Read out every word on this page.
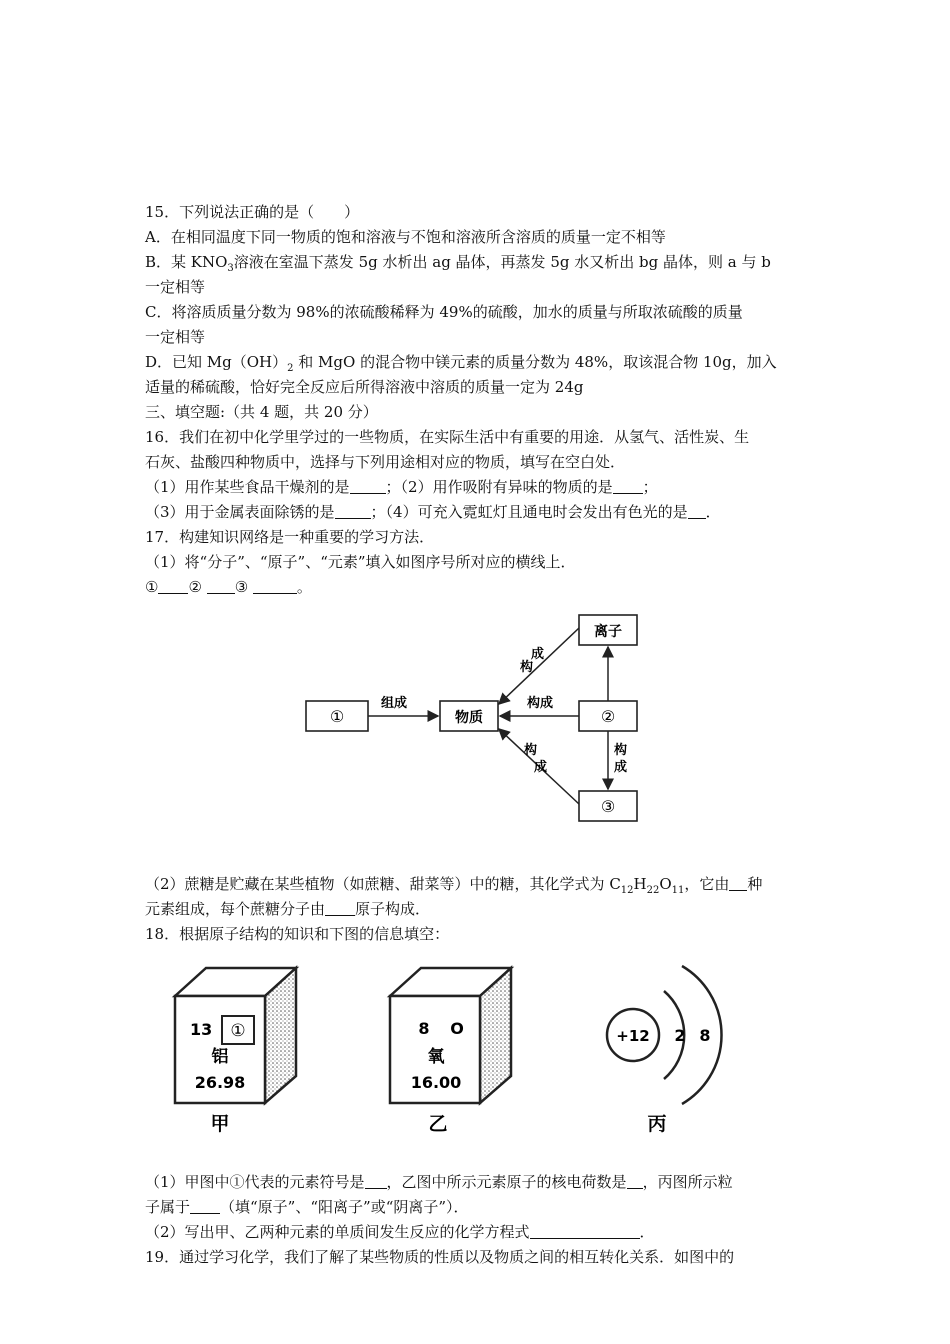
15．下列说法正确的是（　　）
A．在相同温度下同一物质的饱和溶液与不饱和溶液所含溶质的质量一定不相等
B．某 $KNO_3$溶液在室温下蒸发 5g 水析出 ag 晶体，再蒸发 5g 水又析出 bg 晶体，则 a 与 b
一定相等
C．将溶质质量分数为 98%的浓硫酸稀释为 49%的硫酸，加水的质量与所取浓硫酸的质量
一定相等
D．已知 $Mg(OH)_2$ 和 MgO 的混合物中镁元素的质量分数为 48%，取该混合物 10g，加入
适量的稀硫酸，恰好完全反应后所得溶液中溶质的质量一定为 24g
三、填空题:（共 4 题，共 20 分）
16．我们在初中化学里学过的一些物质，在实际生活中有重要的用途．从氢气、活性炭、生
石灰、盐酸四种物质中，选择与下列用途相对应的物质，填写在空白处．
（1）用作某些食品干燥剂的是 ；（2）用作吸附有异味的物质的是 ；
（3）用于金属表面除锈的是 ；（4）可充入霓虹灯且通电时会发出有色光的是 ．
17．构建知识网络是一种重要的学习方法．
（1）将“分子”、“原子”、“元素”填入如图序号所对应的横线上．
① ② ③	。
①	物质	②
离子
③
组成	构成
构
成
构
成
构
成
（2）蔗糖是贮藏在某些植物（如蔗糖、甜菜等）中的糖，其化学式为 $C_{12}H_{22}O_{11}$，它由 种
元素组成，每个蔗糖分子由 原子构成．
18．根据原子结构的知识和下图的信息填空：
13 ①
铝
26.98
甲
8 O
氧
16.00
乙
+12 2 8
丙
（1）甲图中①代表的元素符号是 ，乙图中所示元素原子的核电荷数是 ，丙图所示粒
子属于 （填“原子”、“阳离子”或“阴离子”）．
（2）写出甲、乙两种元素的单质间发生反应的化学方程式	．
19．通过学习化学，我们了解了某些物质的性质以及物质之间的相互转化关系．如图中的
